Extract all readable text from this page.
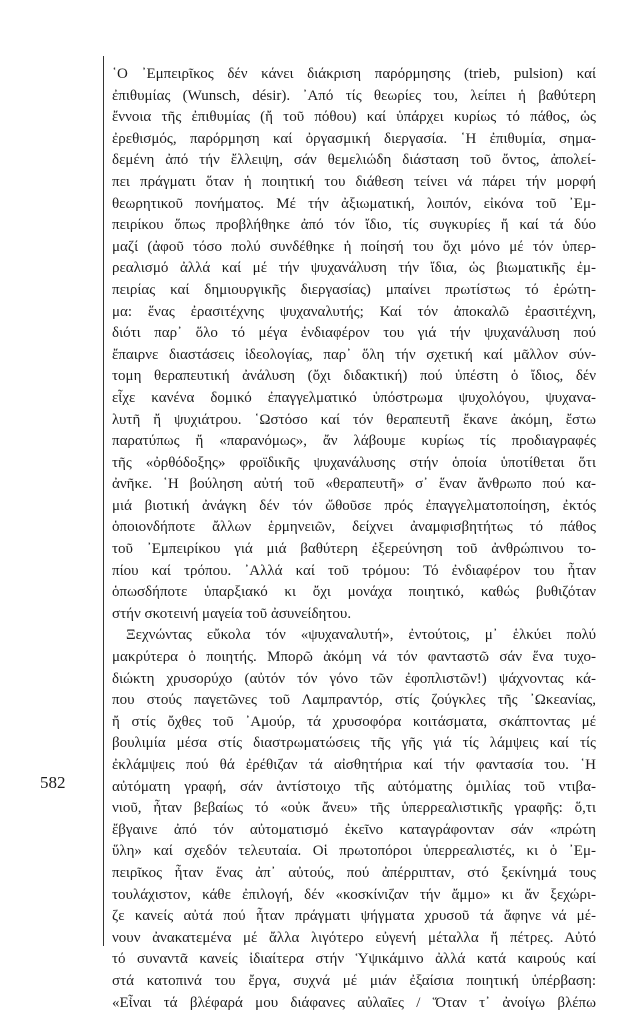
582
῾Ο ᾿Εμπειρῖκος δέν κάνει διάκριση παρόρμησης (trieb, pulsion) καί
ἐπιθυμίας (Wunsch, désir). ᾿Από τίς θεωρίες του, λείπει ἡ βαθύτερη
ἔννοια τῆς ἐπιθυμίας (ἤ τοῦ πόθου) καί ὑπάρχει κυρίως τό πάθος, ὡς
ἐρεθισμός, παρόρμηση καί ὀργασμική διεργασία. ῾Η ἐπιθυμία, σημα-
δεμένη ἀπό τήν ἔλλειψη, σάν θεμελιώδη διάσταση τοῦ ὄντος, ἀπολεί-
πει πράγματι ὅταν ἡ ποιητική του διάθεση τείνει νά πάρει τήν μορφή
θεωρητικοῦ πονήματος. Μέ τήν ἀξιωματική, λοιπόν, εἰκόνα τοῦ ᾿Εμ-
πειρίκου ὅπως προβλήθηκε ἀπό τόν ἴδιο, τίς συγκυρίες ἤ καί τά δύο
μαζί (ἀφοῦ τόσο πολύ συνδέθηκε ἡ ποίησή του ὄχι μόνο μέ τόν ὑπερ-
ρεαλισμό ἀλλά καί μέ τήν ψυχανάλυση τήν ἴδια, ὡς βιωματικῆς ἐμ-
πειρίας καί δημιουργικῆς διεργασίας) μπαίνει πρωτίστως τό ἐρώτη-
μα: ἕνας ἐρασιτέχνης ψυχαναλυτής; Καί τόν ἀποκαλῶ ἐρασιτέχνη,
διότι παρ᾿ ὅλο τό μέγα ἐνδιαφέρον του γιά τήν ψυχανάλυση πού
ἔπαιρνε διαστάσεις ἰδεολογίας, παρ᾿ ὅλη τήν σχετική καί μᾶλλον σύν-
τομη θεραπευτική ἀνάλυση (ὄχι διδακτική) πού ὑπέστη ὁ ἴδιος, δέν
εἶχε κανένα δομικό ἐπαγγελματικό ὑπόστρωμα ψυχολόγου, ψυχανα-
λυτῆ ἤ ψυχιάτρου. ῾Ωστόσο καί τόν θεραπευτῆ ἔκανε ἀκόμη, ἔστω
παρατύπως ἤ «παρανόμως», ἄν λάβουμε κυρίως τίς προδιαγραφές
τῆς «ὀρθόδοξης» φροϊδικῆς ψυχανάλυσης στήν ὁποία ὑποτίθεται ὅτι
ἀνῆκε. ῾Η βούληση αὐτή τοῦ «θεραπευτῆ» σ᾿ ἕναν ἄνθρωπο πού κα-
μιά βιοτική ἀνάγκη δέν τόν ὤθοῦσε πρός ἐπαγγελματοποίηση, ἐκτός
ὁποιονδήποτε ἄλλων ἑρμηνειῶν, δείχνει ἀναμφισβητήτως τό πάθος
τοῦ ᾿Εμπειρίκου γιά μιά βαθύτερη ἐξερεύνηση τοῦ ἀνθρώπινου το-
πίου καί τρόπου. ᾿Αλλά καί τοῦ τρόμου: Τό ἐνδιαφέρον του ἦταν
ὁπωσδήποτε ὑπαρξιακό κι ὄχι μονάχα ποιητικό, καθώς βυθιζόταν
στήν σκοτεινή μαγεία τοῦ ἀσυνείδητου.
Ξεχνώντας εὔκολα τόν «ψυχαναλυτή», ἐντούτοις, μ᾿ ἑλκύει πολύ
μακρύτερα ὁ ποιητής. Μπορῶ ἀκόμη νά τόν φανταστῶ σάν ἕνα τυχο-
διώκτη χρυσορύχο (αὐτόν τόν γόνο τῶν ἐφοπλιστῶν!) ψάχνοντας κά-
που στούς παγετῶνες τοῦ Λαμπραντόρ, στίς ζούγκλες τῆς ᾿Ωκεανίας,
ἤ στίς ὄχθες τοῦ ᾿Αμούρ, τά χρυσοφόρα κοιτάσματα, σκάπτοντας μέ
βουλιμία μέσα στίς διαστρωματώσεις τῆς γῆς γιά τίς λάμψεις καί τίς
ἐκλάμψεις πού θά ἐρέθιζαν τά αἰσθητήρια καί τήν φαντασία του. ῾Η
αὐτόματη γραφή, σάν ἀντίστοιχο τῆς αὐτόματης ὁμιλίας τοῦ ντιβα-
νιοῦ, ἦταν βεβαίως τό «οὐκ ἄνευ» τῆς ὑπερρεαλιστικῆς γραφῆς: ὅ,τι
ἔβγαινε ἀπό τόν αὐτοματισμό ἐκεῖνο καταγράφονταν σάν «πρώτη
ὕλη» καί σχεδόν τελευταία. Οἱ πρωτοπόροι ὑπερρεαλιστές, κι ὁ ᾿Εμ-
πειρῖκος ἦταν ἕνας ἀπ᾿ αὐτούς, πού ἀπέρριπταν, στό ξεκίνημά τους
τουλάχιστον, κάθε ἐπιλογή, δέν «κοσκίνιζαν τήν ἄμμο» κι ἄν ξεχώρι-
ζε κανείς αὐτά πού ἦταν πράγματι ψήγματα χρυσοῦ τά ἄφηνε νά μέ-
νουν ἀνακατεμένα μέ ἄλλα λιγότερο εὐγενή μέταλλα ἤ πέτρες. Αὐτό
τό συναντᾶ κανείς ἰδιαίτερα στήν Ὑψικάμινο ἀλλά κατά καιρούς καί
στά κατοπινά του ἔργα, συχνά μέ μιάν ἐξαίσια ποιητική ὑπέρβαση:
«Εἶναι τά βλέφαρά μου διάφανες αὐλαῖες / Ὅταν τ᾿ ἀνοίγω βλέπω
